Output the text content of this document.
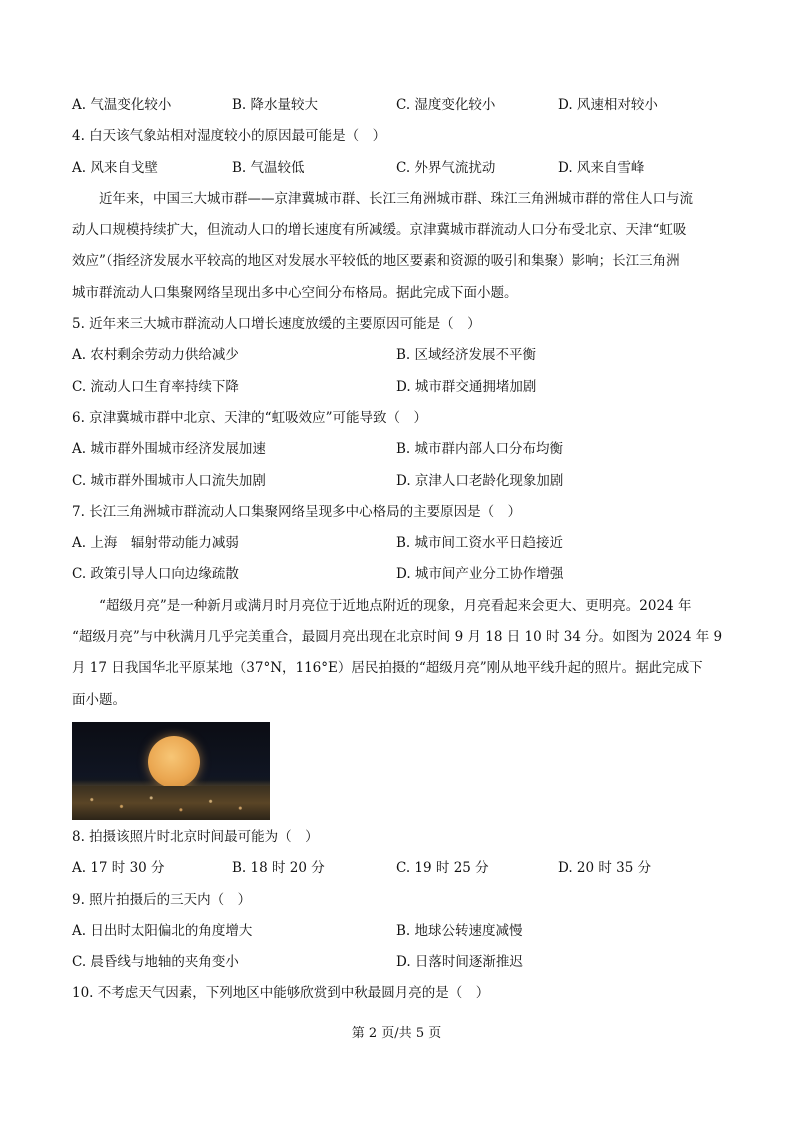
A. 气温变化较小	B. 降水量较大	C. 湿度变化较小	D. 风速相对较小
4. 白天该气象站相对湿度较小的原因最可能是（　）
A. 风来自戈壁	B. 气温较低	C. 外界气流扰动	D. 风来自雪峰
　　近年来，中国三大城市群——京津冀城市群、长江三角洲城市群、珠江三角洲城市群的常住人口与流
动人口规模持续扩大，但流动人口的增长速度有所减缓。京津冀城市群流动人口分布受北京、天津“虹吸
效应”（指经济发展水平较高的地区对发展水平较低的地区要素和资源的吸引和集聚）影响；长江三角洲
城市群流动人口集聚网络呈现出多中心空间分布格局。据此完成下面小题。
5. 近年来三大城市群流动人口增长速度放缓的主要原因可能是（　）
A. 农村剩余劳动力供给减少	B. 区域经济发展不平衡
C. 流动人口生育率持续下降	D. 城市群交通拥堵加剧
6. 京津冀城市群中北京、天津的“虹吸效应”可能导致（　）
A. 城市群外围城市经济发展加速	B. 城市群内部人口分布均衡
C. 城市群外围城市人口流失加剧	D. 京津人口老龄化现象加剧
7. 长江三角洲城市群流动人口集聚网络呈现多中心格局的主要原因是（　）
A. 上海　辐射带动能力减弱	B. 城市间工资水平日趋接近
C. 政策引导人口向边缘疏散	D. 城市间产业分工协作增强
　　“超级月亮”是一种新月或满月时月亮位于近地点附近的现象，月亮看起来会更大、更明亮。2024 年
“超级月亮”与中秋满月几乎完美重合，最圆月亮出现在北京时间 9 月 18 日 10 时 34 分。如图为 2024 年 9
月 17 日我国华北平原某地（37°N，116°E）居民拍摄的“超级月亮”刚从地平线升起的照片。据此完成下
面小题。
8. 拍摄该照片时北京时间最可能为（　）
A. 17 时 30 分	B. 18 时 20 分	C. 19 时 25 分	D. 20 时 35 分
9. 照片拍摄后的三天内（　）
A. 日出时太阳偏北的角度增大	B. 地球公转速度减慢
C. 晨昏线与地轴的夹角变小	D. 日落时间逐渐推迟
10. 不考虑天气因素，下列地区中能够欣赏到中秋最圆月亮的是（　）
第 2 页/共 5 页
